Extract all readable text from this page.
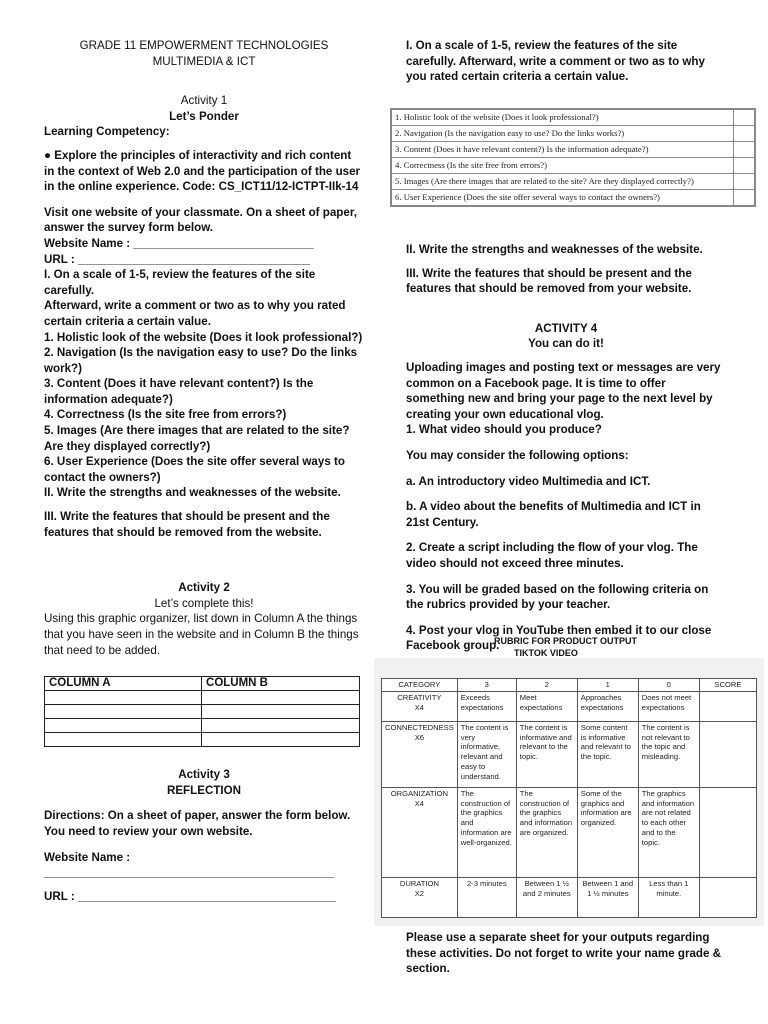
GRADE 11 EMPOWERMENT TECHNOLOGIES

MULTIMEDIA & ICT

Activity 1

Let’s Ponder

Learning Competency:

● Explore the principles of interactivity and rich content in the context of Web 2.0 and the participation of the user in the online experience. Code: CS_ICT11/12-ICTPT-IIk-14

Visit one website of your classmate. On a sheet of paper, answer the survey form below.

Website Name : ____________________________

URL : ____________________________________

I. On a scale of 1-5, review the features of the site carefully.

Afterward, write a comment or two as to why you rated certain criteria a certain value.

1. Holistic look of the website (Does it look professional?)

2. Navigation (Is the navigation easy to use? Do the links work?)

3. Content (Does it have relevant content?) Is the information adequate?)

4. Correctness (Is the site free from errors?)

5. Images (Are there images that are related to the site? Are they displayed correctly?)

6. User Experience (Does the site offer several ways to contact the owners?)

II. Write the strengths and weaknesses of the website.

III. Write the features that should be present and the features that should be removed from the website.

Activity 2

Let’s complete this!

Using this graphic organizer, list down in Column A the things that you have seen in the website and in Column B the things that need to be added.

COLUMN A	COLUMN B

Activity 3

REFLECTION

Directions: On a sheet of paper, answer the form below. You need to review your own website.

Website Name :

_____________________________________________

URL : ________________________________________

I. On a scale of 1-5, review the features of the site carefully. Afterward, write a comment or two as to why you rated certain criteria a certain value.

1. Holistic look of the website (Does it look professional?)	
2. Navigation (Is the navigation easy to use? Do the links works?)	
3. Content (Does it have relevant content?) Is the information adequate?)	
4. Correctness (Is the site free from errors?)	
5. Images (Are there images that are related to the site? Are they displayed correctly?)	
6. User Experience (Does the site offer several ways to contact the owners?)	

II. Write the strengths and weaknesses of the website.

III. Write the features that should be present and the features that should be removed from your website.

ACTIVITY 4

You can do it!

Uploading images and posting text or messages are very common on a Facebook page. It is time to offer something new and bring your page to the next level by creating your own educational vlog.

1. What video should you produce?

You may consider the following options:

a. An introductory video Multimedia and ICT.

b. A video about the benefits of Multimedia and ICT in 21st Century.

2. Create a script including the flow of your vlog. The video should not exceed three minutes.

3. You will be graded based on the following criteria on the rubrics provided by your teacher.

4. Post your vlog in YouTube then embed it to our close Facebook group.

RUBRIC FOR PRODUCT OUTPUT
TIKTOK VIDEO
CATEGORY	3	2	1	0	SCORE

CREATIVITY
X4	Exceeds expectations	Meet expectations	Approaches expectations	Does not meet expectations	

CONNECTEDNESS
X6	The content is very informative, relevant and easy to understand.	The content is informative and relevant to the topic.	Some content is informative and relevant to the topic.	The content is not relevant to the topic and misleading.	

ORGANIZATION
X4	The construction of the graphics and information are well-organized.	The construction of the graphics and information are organized.	Some of the graphics and information are organized.	The graphics and information are not related to each other and to the topic.	

DURATION
X2	2-3 minutes	Between 1 ½ and 2 minutes	Between 1 and 1 ½ minutes	Less than 1 minute.	

Please use a separate sheet for your outputs regarding these activities. Do not forget to write your name grade & section.
